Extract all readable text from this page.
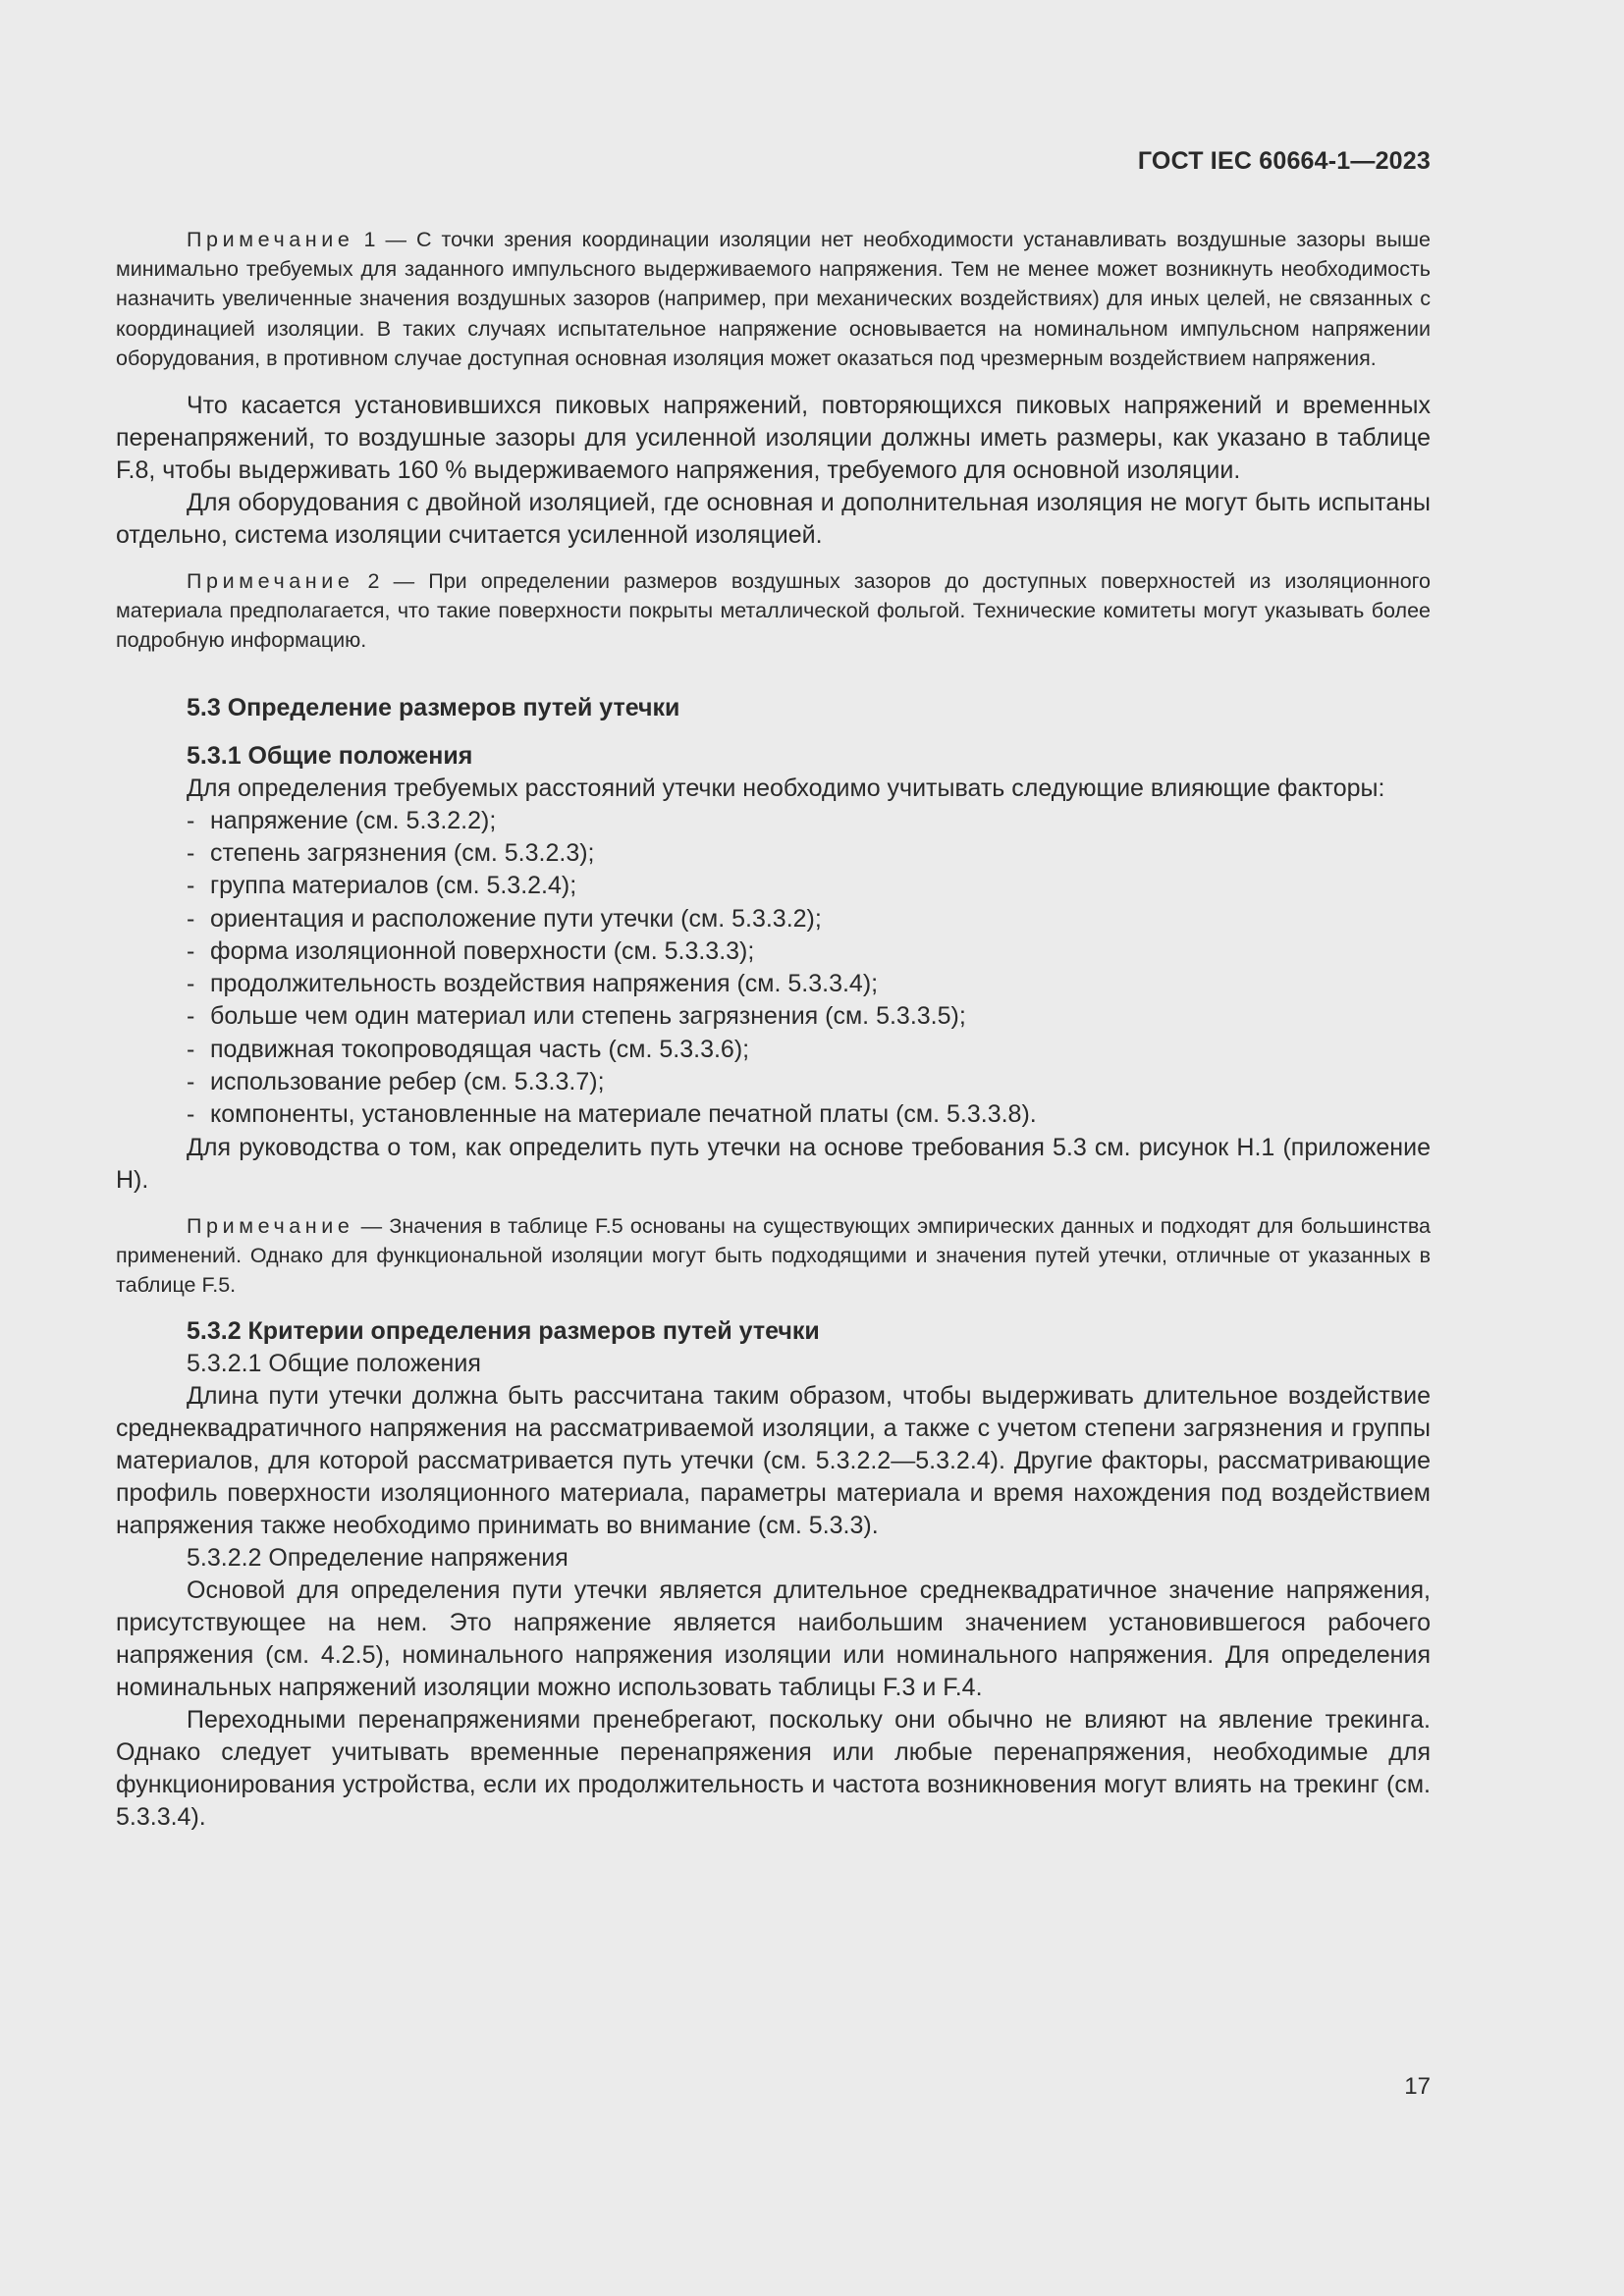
ГОСТ IEC 60664-1—2023

Примечание 1 — С точки зрения координации изоляции нет необходимости устанавливать воздушные зазоры выше минимально требуемых для заданного импульсного выдерживаемого напряжения. Тем не менее может возникнуть необходимость назначить увеличенные значения воздушных зазоров (например, при механических воздействиях) для иных целей, не связанных с координацией изоляции. В таких случаях испытательное напряжение основывается на номинальном импульсном напряжении оборудования, в противном случае доступная основная изоляция может оказаться под чрезмерным воздействием напряжения.

Что касается установившихся пиковых напряжений, повторяющихся пиковых напряжений и временных перенапряжений, то воздушные зазоры для усиленной изоляции должны иметь размеры, как указано в таблице F.8, чтобы выдерживать 160 % выдерживаемого напряжения, требуемого для основной изоляции.

Для оборудования с двойной изоляцией, где основная и дополнительная изоляция не могут быть испытаны отдельно, система изоляции считается усиленной изоляцией.

Примечание 2 — При определении размеров воздушных зазоров до доступных поверхностей из изоляционного материала предполагается, что такие поверхности покрыты металлической фольгой. Технические комитеты могут указывать более подробную информацию.

5.3 Определение размеров путей утечки
5.3.1 Общие положения

Для определения требуемых расстояний утечки необходимо учитывать следующие влияющие факторы:

- напряжение (см. 5.3.2.2);
- степень загрязнения (см. 5.3.2.3);
- группа материалов (см. 5.3.2.4);
- ориентация и расположение пути утечки (см. 5.3.3.2);
- форма изоляционной поверхности (см. 5.3.3.3);
- продолжительность воздействия напряжения (см. 5.3.3.4);
- больше чем один материал или степень загрязнения (см. 5.3.3.5);
- подвижная токопроводящая часть (см. 5.3.3.6);
- использование ребер (см. 5.3.3.7);
- компоненты, установленные на материале печатной платы (см. 5.3.3.8).

Для руководства о том, как определить путь утечки на основе требования 5.3 см. рисунок Н.1 (приложение Н).

Примечание — Значения в таблице F.5 основаны на существующих эмпирических данных и подходят для большинства применений. Однако для функциональной изоляции могут быть подходящими и значения путей утечки, отличные от указанных в таблице F.5.

5.3.2 Критерии определения размеров путей утечки
5.3.2.1 Общие положения

Длина пути утечки должна быть рассчитана таким образом, чтобы выдерживать длительное воздействие среднеквадратичного напряжения на рассматриваемой изоляции, а также с учетом степени загрязнения и группы материалов, для которой рассматривается путь утечки (см. 5.3.2.2—5.3.2.4). Другие факторы, рассматривающие профиль поверхности изоляционного материала, параметры материала и время нахождения под воздействием напряжения также необходимо принимать во внимание (см. 5.3.3).

5.3.2.2 Определение напряжения

Основой для определения пути утечки является длительное среднеквадратичное значение напряжения, присутствующее на нем. Это напряжение является наибольшим значением установившегося рабочего напряжения (см. 4.2.5), номинального напряжения изоляции или номинального напряжения. Для определения номинальных напряжений изоляции можно использовать таблицы F.3 и F.4.

Переходными перенапряжениями пренебрегают, поскольку они обычно не влияют на явление трекинга. Однако следует учитывать временные перенапряжения или любые перенапряжения, необходимые для функционирования устройства, если их продолжительность и частота возникновения могут влиять на трекинг (см. 5.3.3.4).

17
